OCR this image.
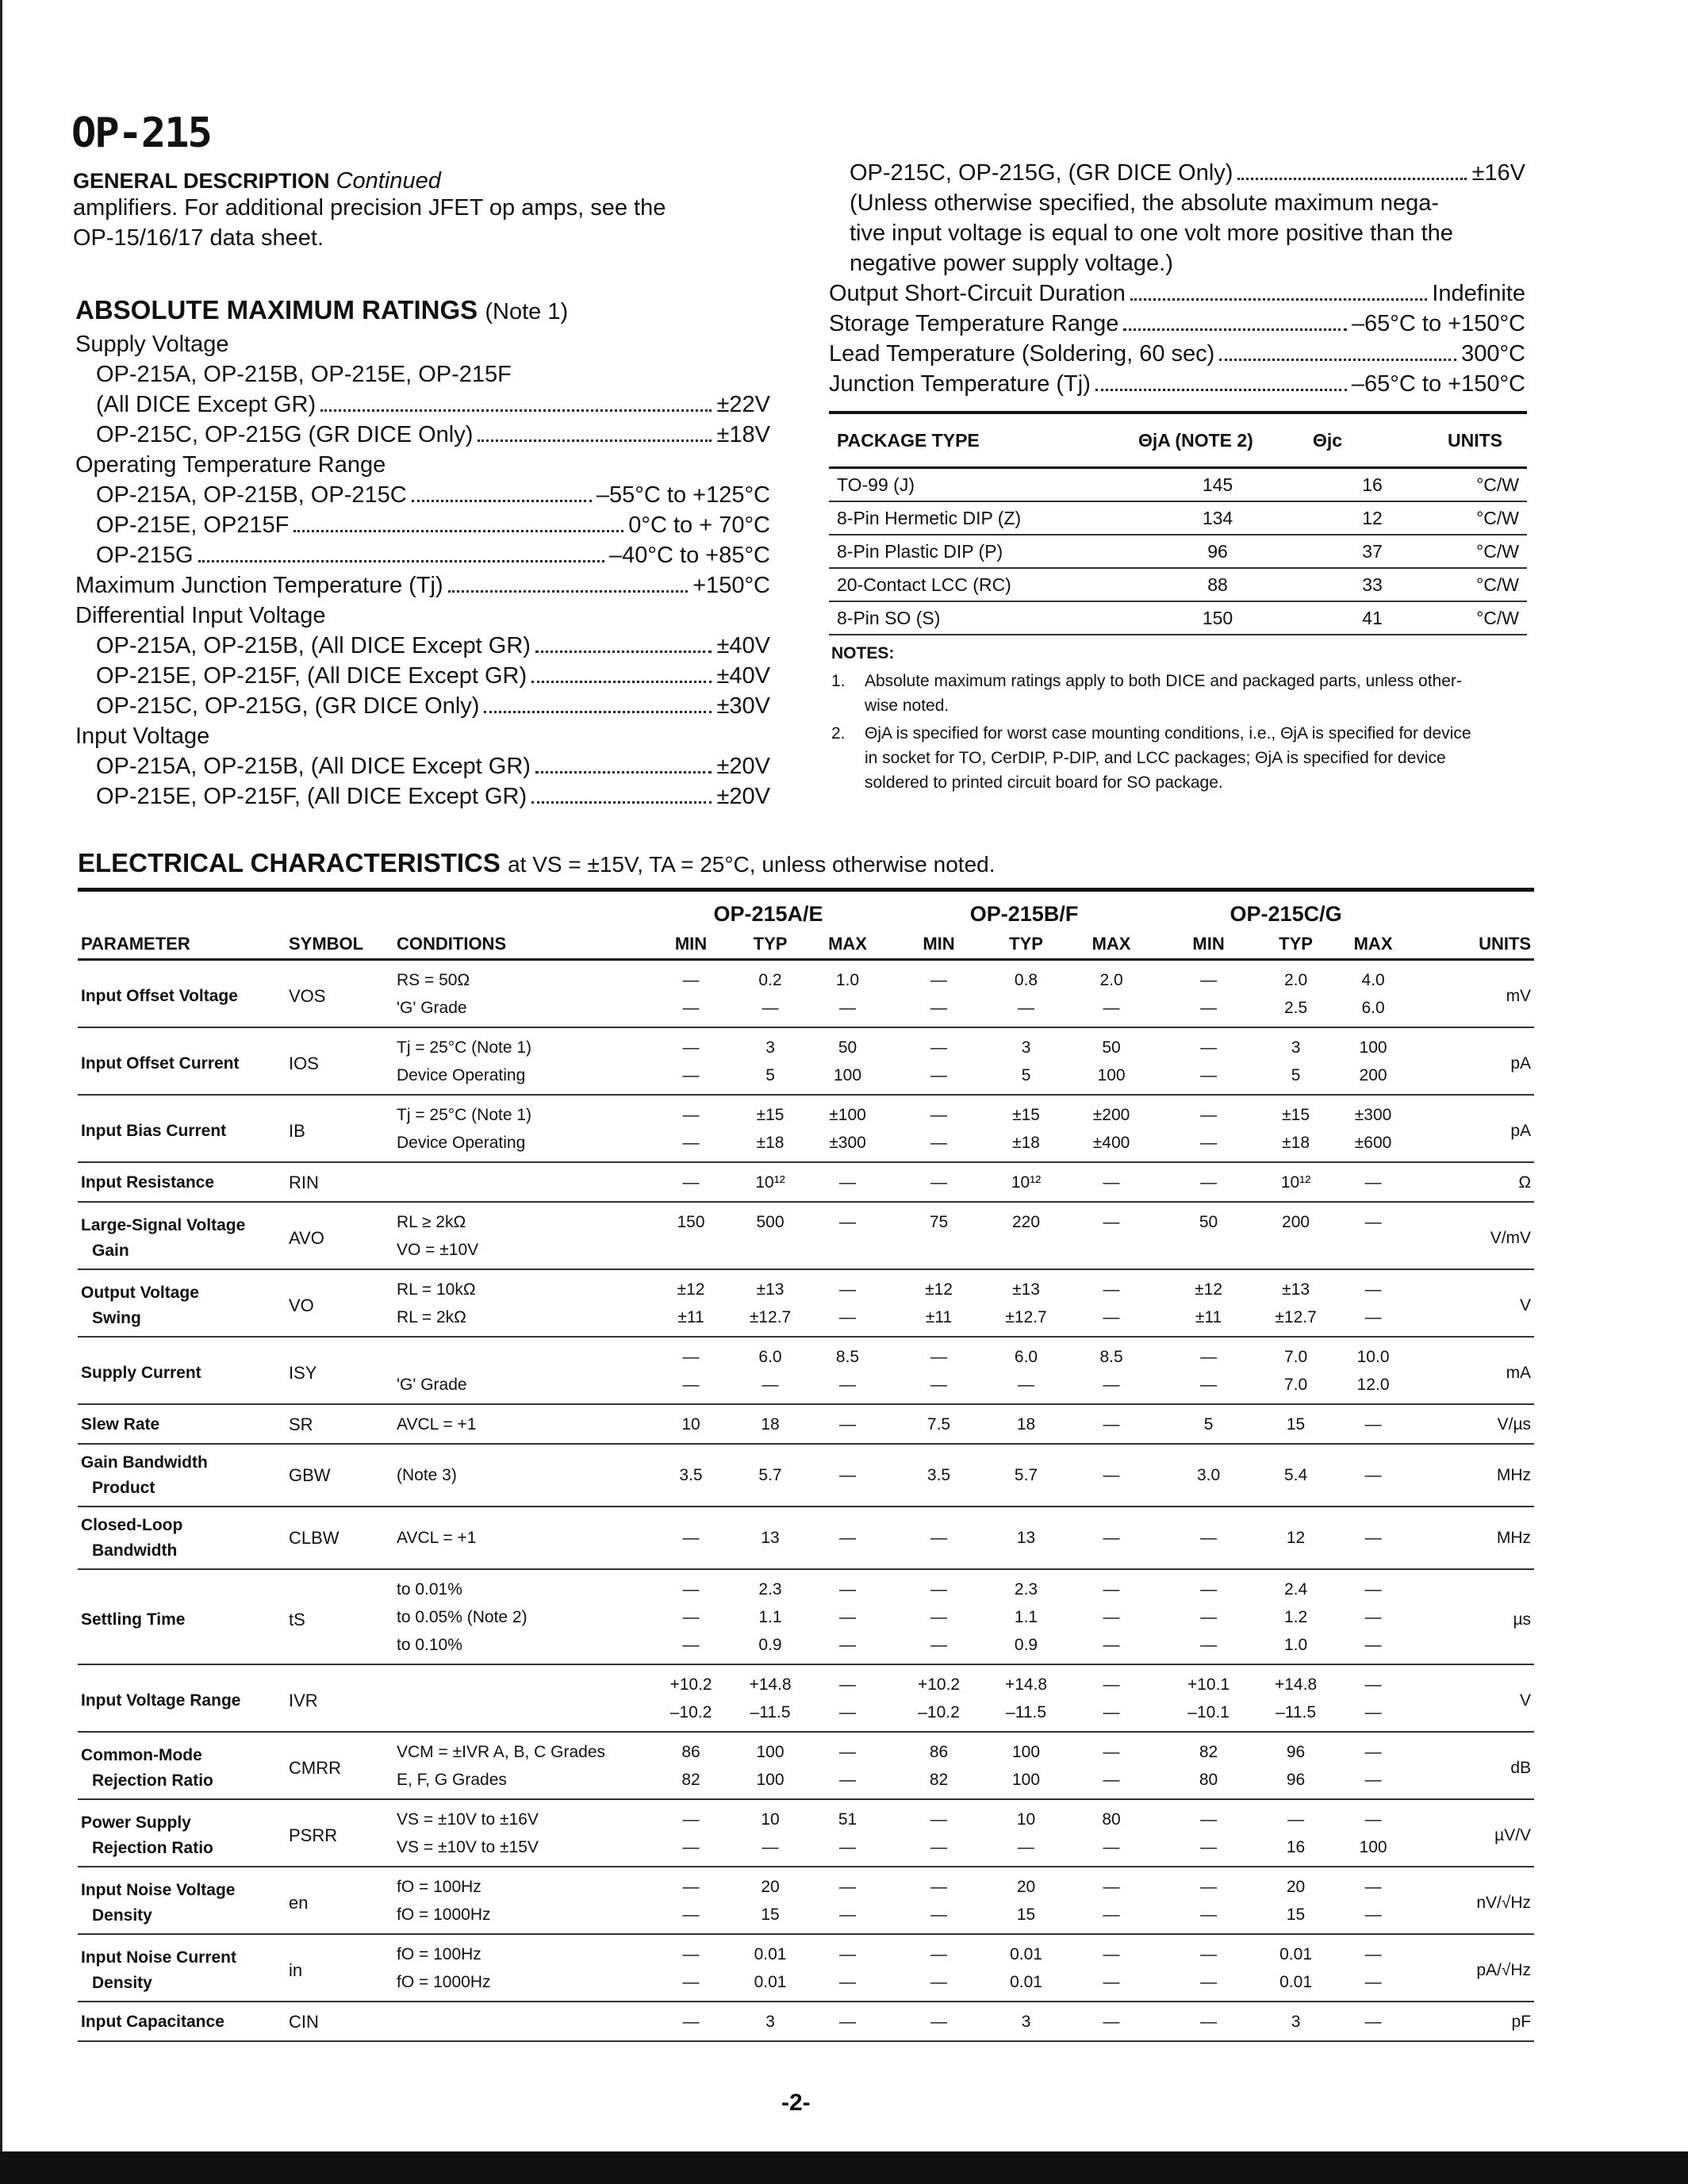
OP-215
GENERAL DESCRIPTION Continued
amplifiers. For additional precision JFET op amps, see the
OP-15/16/17 data sheet.
ABSOLUTE MAXIMUM RATINGS (Note 1)
Supply Voltage
OP-215A, OP-215B, OP-215E, OP-215F
(All DICE Except GR)	±22V
OP-215C, OP-215G (GR DICE Only)	±18V
Operating Temperature Range
OP-215A, OP-215B, OP-215C	–55°C to +125°C
OP-215E, OP215F	0°C to + 70°C
OP-215G	–40°C to +85°C
Maximum Junction Temperature (Tj)	+150°C
Differential Input Voltage
OP-215A, OP-215B, (All DICE Except GR)	±40V
OP-215E, OP-215F, (All DICE Except GR)	±40V
OP-215C, OP-215G, (GR DICE Only)	±30V
Input Voltage
OP-215A, OP-215B, (All DICE Except GR)	±20V
OP-215E, OP-215F, (All DICE Except GR)	±20V
OP-215C, OP-215G, (GR DICE Only)	±16V
(Unless otherwise specified, the absolute maximum nega-
tive input voltage is equal to one volt more positive than the
negative power supply voltage.)
Output Short-Circuit Duration	Indefinite
Storage Temperature Range	–65°C to +150°C
Lead Temperature (Soldering, 60 sec)	300°C
Junction Temperature (Tj)	–65°C to +150°C
PACKAGE TYPE	ΘjA (NOTE 2)	Θjc	UNITS
TO-99 (J)	145	16	°C/W
8-Pin Hermetic DIP (Z)	134	12	°C/W
8-Pin Plastic DIP (P)	96	37	°C/W
20-Contact LCC (RC)	88	33	°C/W
8-Pin SO (S)	150	41	°C/W
NOTES:
1.	Absolute maximum ratings apply to both DICE and packaged parts, unless other-
wise noted.
2.	ΘjA is specified for worst case mounting conditions, i.e., ΘjA is specified for device
in socket for TO, CerDIP, P-DIP, and LCC packages; ΘjA is specified for device
soldered to printed circuit board for SO package.
ELECTRICAL CHARACTERISTICS at VS = ±15V, TA = 25°C, unless otherwise noted.
			OP-215A/E			OP-215B/F			OP-215C/G			
PARAMETER	SYMBOL	CONDITIONS	MIN	TYP	MAX	MIN	TYP	MAX	MIN	TYP	MAX	UNITS

Input Offset Voltage	VOS	RS = 50Ω	—	0.2	1.0	—	0.8	2.0	—	2.0	4.0	mV
		'G' Grade	—	—	—	—	—	—	—	2.5	6.0	

Input Offset Current	IOS	Tj = 25°C (Note 1)	—	3	50	—	3	50	—	3	100	pA
		Device Operating	—	5	100	—	5	100	—	5	200	

Input Bias Current	IB	Tj = 25°C (Note 1)	—	±15	±100	—	±15	±200	—	±15	±300	pA
		Device Operating	—	±18	±300	—	±18	±400	—	±18	±600	

Input Resistance	RIN		—	10¹²	—	—	10¹²	—	—	10¹²	—	Ω

Large-Signal Voltage
Gain	AVO	RL ≥ 2kΩ	150	500	—	75	220	—	50	200	—	V/mV
		VO = ±10V										

Output Voltage
Swing	VO	RL = 10kΩ	±12	±13	—	±12	±13	—	±12	±13	—	V
		RL = 2kΩ	±11	±12.7	—	±11	±12.7	—	±11	±12.7	—	

Supply Current	ISY		—	6.0	8.5	—	6.0	8.5	—	7.0	10.0	mA
		'G' Grade	—	—	—	—	—	—	—	7.0	12.0	

Slew Rate	SR	AVCL = +1	10	18	—	7.5	18	—	5	15	—	V/µs

Gain Bandwidth
Product	GBW	(Note 3)	3.5	5.7	—	3.5	5.7	—	3.0	5.4	—	MHz

Closed-Loop
Bandwidth	CLBW	AVCL = +1	—	13	—	—	13	—	—	12	—	MHz

Settling Time	tS	to 0.01%	—	2.3	—	—	2.3	—	—	2.4	—	µs
		to 0.05% (Note 2)	—	1.1	—	—	1.1	—	—	1.2	—	
		to 0.10%	—	0.9	—	—	0.9	—	—	1.0	—	

Input Voltage Range	IVR		+10.2	+14.8	—	+10.2	+14.8	—	+10.1	+14.8	—	V
			–10.2	–11.5	—	–10.2	–11.5	—	–10.1	–11.5	—	

Common-Mode
Rejection Ratio	CMRR	VCM = ±IVR A, B, C Grades	86	100	—	86	100	—	82	96	—	dB
		E, F, G Grades	82	100	—	82	100	—	80	96	—	

Power Supply
Rejection Ratio	PSRR	VS = ±10V to ±16V	—	10	51	—	10	80	—	—	—	µV/V
		VS = ±10V to ±15V	—	—	—	—	—	—	—	16	100	

Input Noise Voltage
Density	en	fO = 100Hz	—	20	—	—	20	—	—	20	—	nV/√Hz
		fO = 1000Hz	—	15	—	—	15	—	—	15	—	

Input Noise Current
Density	in	fO = 100Hz	—	0.01	—	—	0.01	—	—	0.01	—	pA/√Hz
		fO = 1000Hz	—	0.01	—	—	0.01	—	—	0.01	—	

Input Capacitance	CIN		—	3	—	—	3	—	—	3	—	pF
-2-
